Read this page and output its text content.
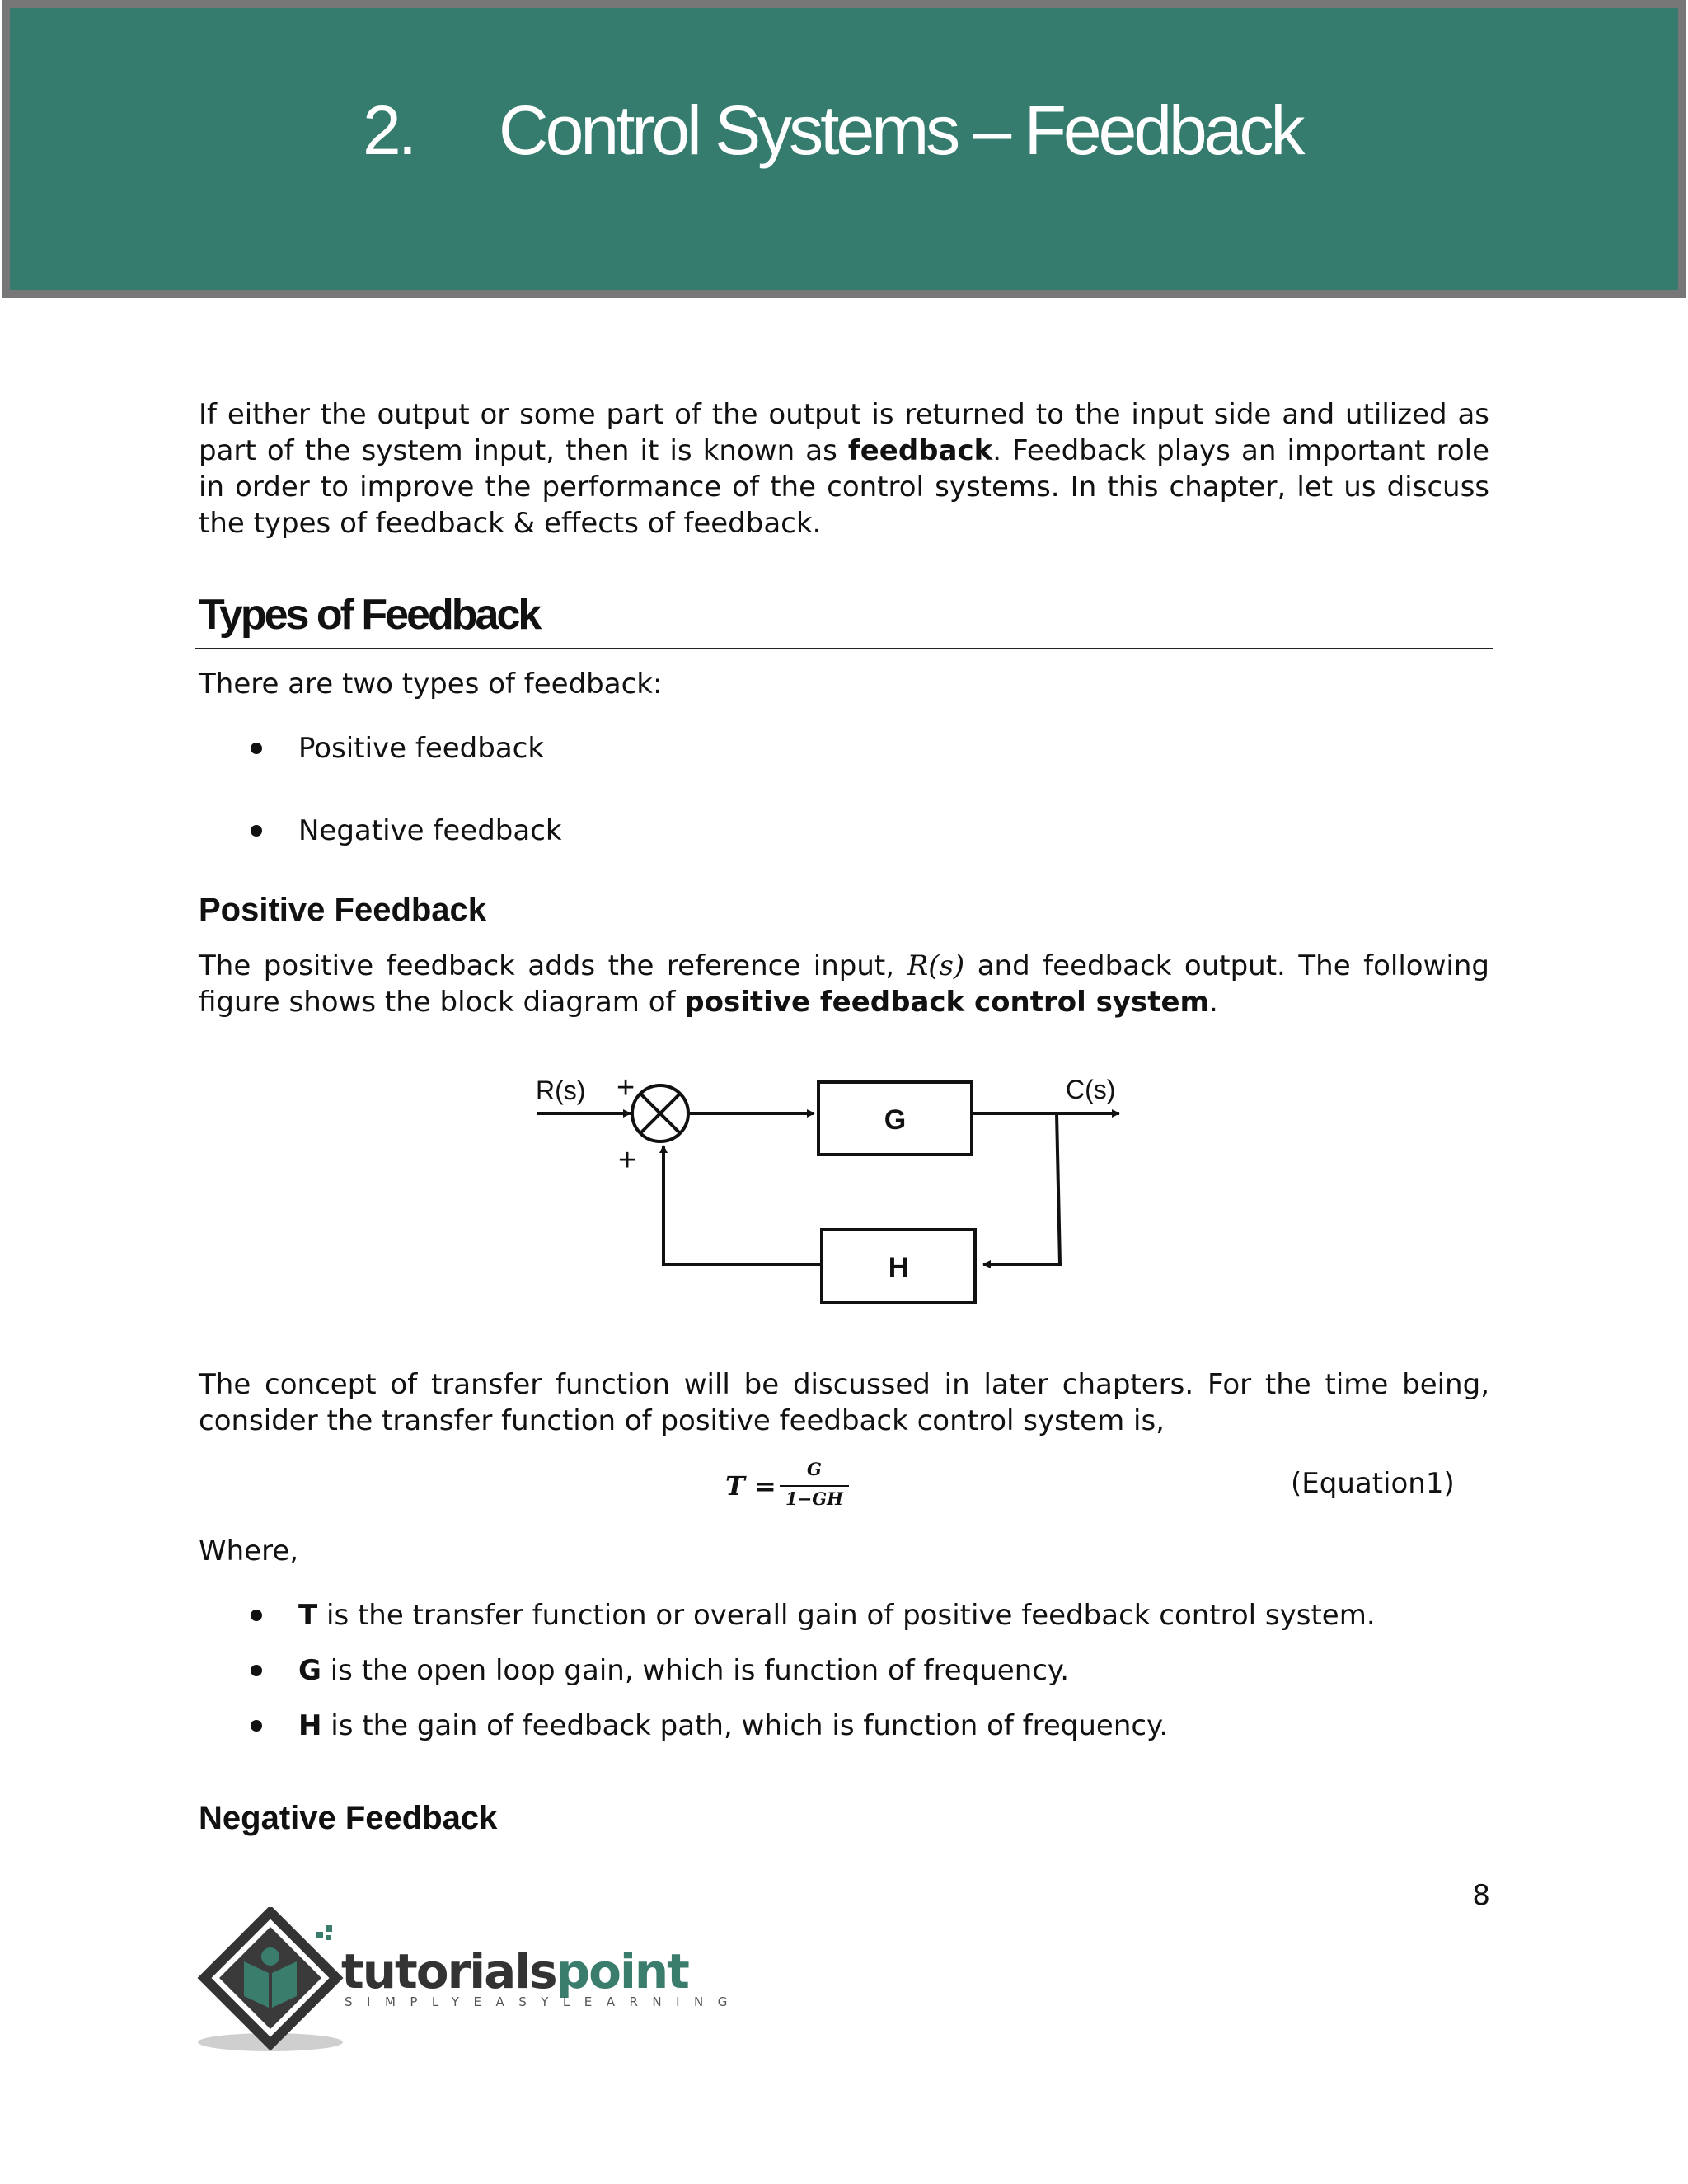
2. Control Systems – Feedback

If either the output or some part of the output is returned to the input side and utilized as part of the system input, then it is known as feedback. Feedback plays an important role in order to improve the performance of the control systems. In this chapter, let us discuss the types of feedback & effects of feedback.

Types of Feedback

There are two types of feedback:

Positive feedback
Negative feedback
Positive Feedback

The positive feedback adds the reference input, R(s) and feedback output. The following figure shows the block diagram of positive feedback control system.

R(s)	C(s)
G
H
+
+

The concept of transfer function will be discussed in later chapters. For the time being, consider the transfer function of positive feedback control system is,

T =
G
1−GH	(Equation1)

Where,

T is the transfer function or overall gain of positive feedback control system.
G is the open loop gain, which is function of frequency.
H is the gain of feedback path, which is function of frequency.
Negative Feedback
8
tutorialspoint
SIMPLYEASYLEARNING
